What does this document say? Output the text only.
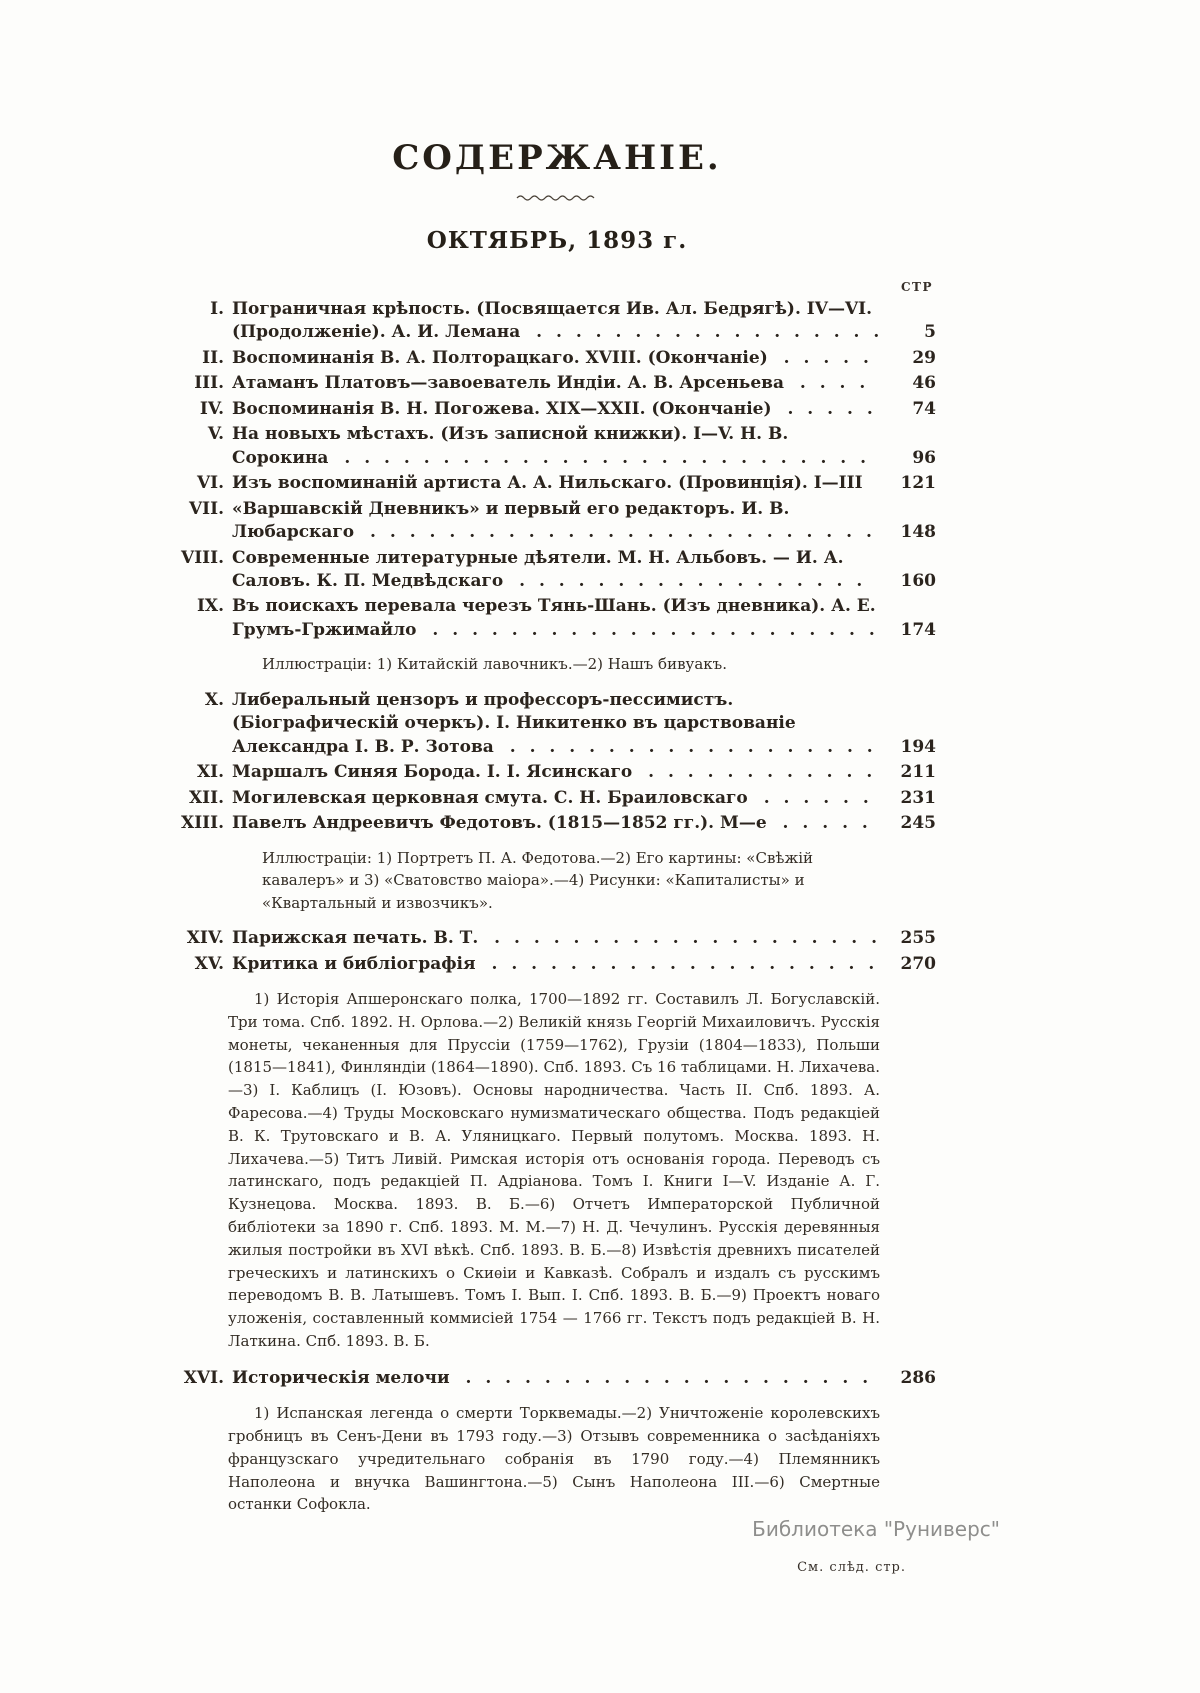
СОДЕРЖАНІЕ.
ОКТЯБРЬ, 1893 г.
СТР
I. Пограничная крѣпость. (Посвящается Ив. Ал. Бедрягѣ). IV—VI. (Продолженіе). А. И. Лемана . . . . . . . . . . . . . . . . . .	5
II. Воспоминанія В. А. Полторацкаго. XVIII. (Окончаніе) . . . . .	29
III. Атаманъ Платовъ—завоеватель Индіи. А. В. Арсеньева . . . .	46
IV. Воспоминанія В. Н. Погожева. XIX—XXII. (Окончаніе) . . . . .	74
V. На новыхъ мѣстахъ. (Изъ записной книжки). I—V. Н. В. Сорокина . . . . . . . . . . . . . . . . . . . . . . . . . . .	96
VI. Изъ воспоминаній артиста А. А. Нильскаго. (Провинція). I—III	121
VII. «Варшавскій Дневникъ» и первый его редакторъ. И. В. Любарскаго . . . . . . . . . . . . . . . . . . . . . . . . . .	148
VIII. Современные литературные дѣятели. М. Н. Альбовъ. — И. А. Саловъ. К. П. Медвѣдскаго . . . . . . . . . . . . . . . . . .	160
IX. Въ поискахъ перевала черезъ Тянь-Шань. (Изъ дневника). А. Е. Грумъ-Гржимайло . . . . . . . . . . . . . . . . . . . . . . .	174
Иллюстраціи: 1) Китайскій лавочникъ.—2) Нашъ бивуакъ.
X. Либеральный цензоръ и профессоръ-пессимистъ. (Біографическій очеркъ). І. Никитенко въ царствованіе Александра I. В. Р. Зотова . . . . . . . . . . . . . . . . . . .	194
XI. Маршалъ Синяя Борода. І. І. Ясинскаго . . . . . . . . . . . .	211
XII. Могилевская церковная смута. С. Н. Браиловскаго . . . . . .	231
XIII. Павелъ Андреевичъ Федотовъ. (1815—1852 гг.). М—е . . . . .	245
Иллюстраціи: 1) Портретъ П. А. Федотова.—2) Его картины: «Свѣжій кавалеръ» и 3) «Сватовство маіора».—4) Рисунки: «Капиталисты» и «Квартальный и извозчикъ».
XIV. Парижская печать. В. Т. . . . . . . . . . . . . . . . . . . . .	255
XV. Критика и библіографія . . . . . . . . . . . . . . . . . . . .	270
1) Исторія Апшеронскаго полка, 1700—1892 гг. Составилъ Л. Богуславскій. Три тома. Спб. 1892. Н. Орлова.—2) Великій князь Георгій Михаиловичъ. Русскія монеты, чеканенныя для Пруссіи (1759—1762), Грузіи (1804—1833), Польши (1815—1841), Финляндіи (1864—1890). Спб. 1893. Съ 16 таблицами. Н. Лихачева.—3) І. Каблицъ (І. Юзовъ). Основы народничества. Часть II. Спб. 1893. А. Фаресова.—4) Труды Московскаго нумизматическаго общества. Подъ редакціей В. К. Трутовскаго и В. А. Уляницкаго. Первый полутомъ. Москва. 1893. Н. Лихачева.—5) Титъ Ливій. Римская исторія отъ основанія города. Переводъ съ латинскаго, подъ редакціей П. Адріанова. Томъ I. Книги I—V. Изданіе А. Г. Кузнецова. Москва. 1893. В. Б.—6) Отчетъ Императорской Публичной библіотеки за 1890 г. Спб. 1893. М. М.—7) Н. Д. Чечулинъ. Русскія деревянныя жилыя постройки въ XVI вѣкѣ. Спб. 1893. В. Б.—8) Извѣстія древнихъ писателей греческихъ и латинскихъ о Скиѳіи и Кавказѣ. Собралъ и издалъ съ русскимъ переводомъ В. В. Латышевъ. Томъ I. Вып. I. Спб. 1893. В. Б.—9) Проектъ новаго уложенія, составленный коммисіей 1754 — 1766 гг. Текстъ подъ редакціей В. Н. Латкина. Спб. 1893. В. Б.
XVI. Историческія мелочи . . . . . . . . . . . . . . . . . . . . .	286
1) Испанская легенда о смерти Торквемады.—2) Уничтоженіе королевскихъ гробницъ въ Сенъ-Дени въ 1793 году.—3) Отзывъ современника о засѣданіяхъ французскаго учредительнаго собранія въ 1790 году.—4) Племянникъ Наполеона и внучка Вашингтона.—5) Сынъ Наполеона III.—6) Смертные останки Софокла.
См. слѣд. стр.
Библиотека "Руниверс"
